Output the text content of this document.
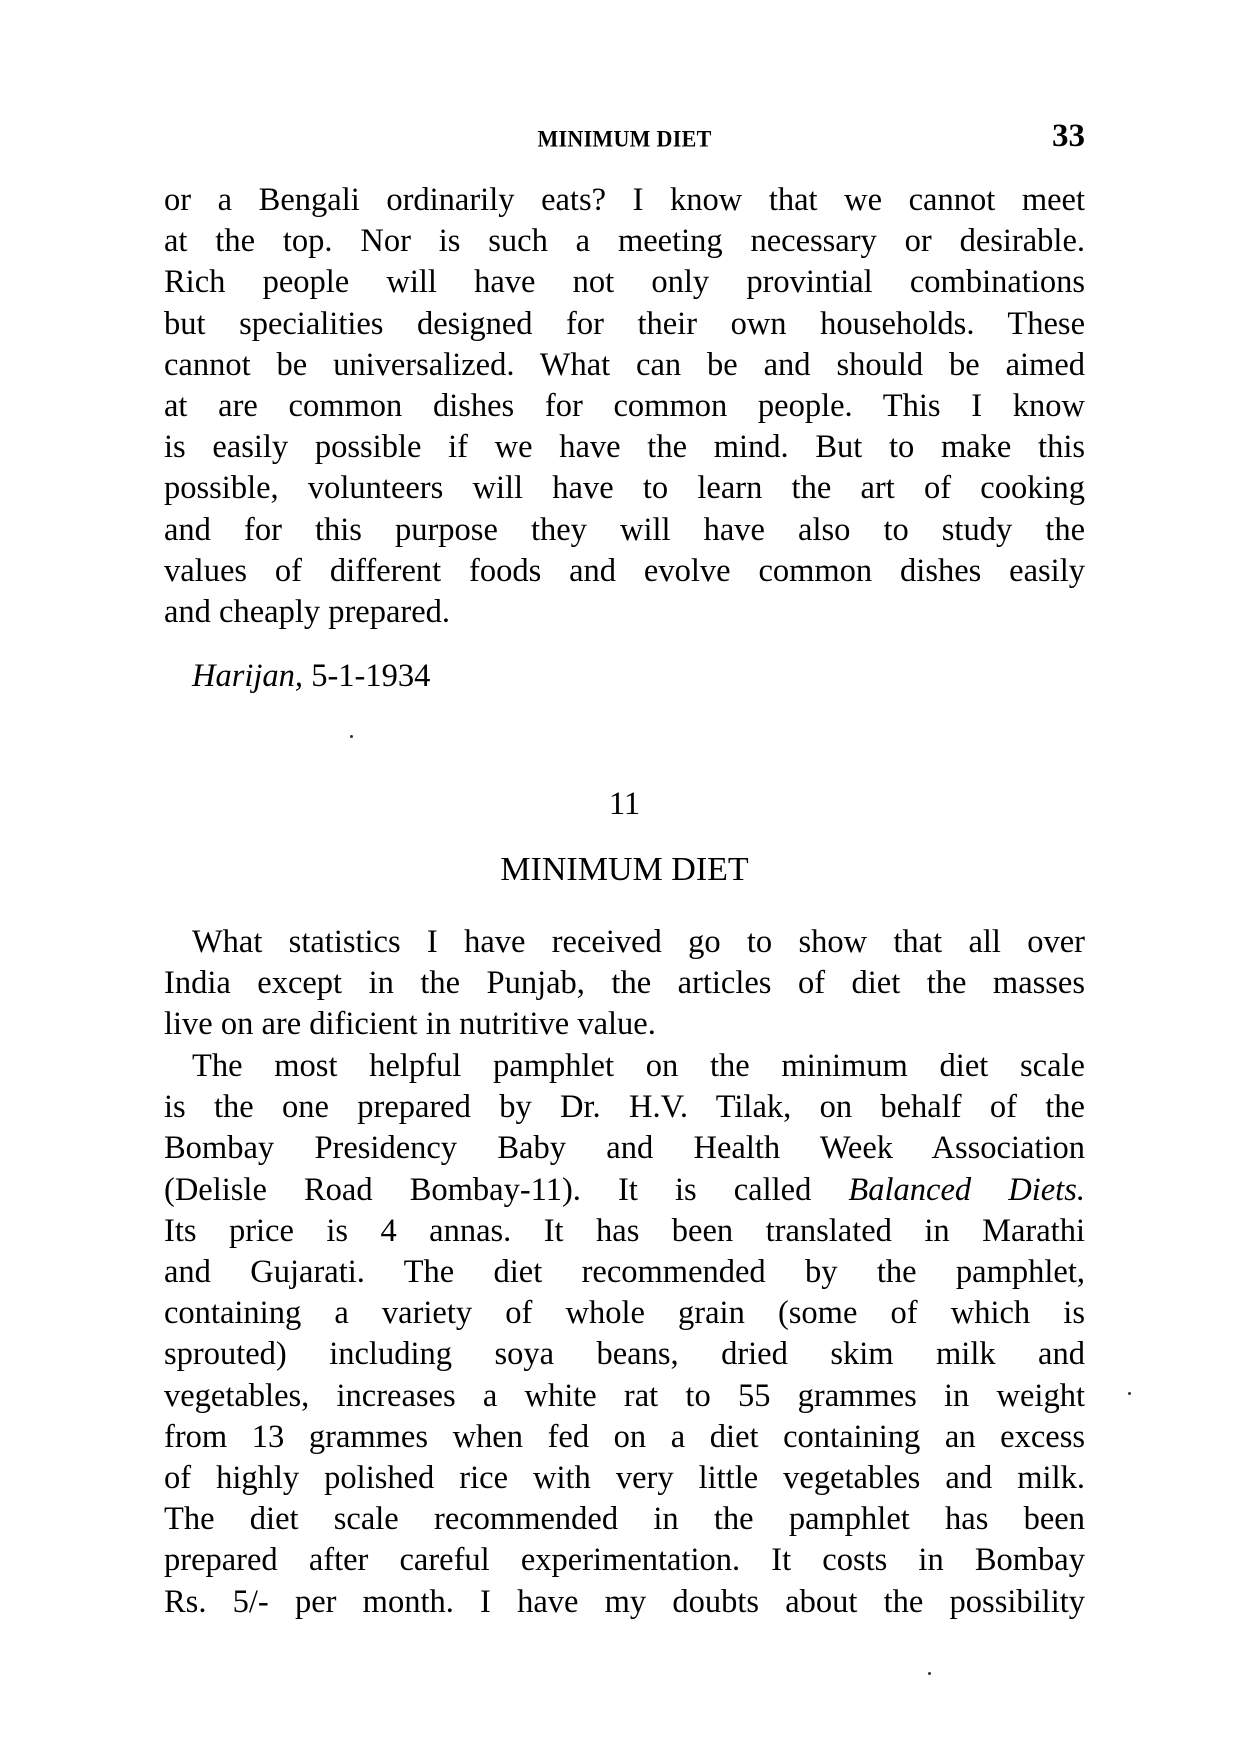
MINIMUM DIET	33
or a Bengali ordinarily eats? I know that we cannot meet
at the top. Nor is such a meeting necessary or desirable.
Rich people will have not only provintial combinations
but specialities designed for their own households. These
cannot be universalized. What can be and should be aimed
at are common dishes for common people. This I know
is easily possible if we have the mind. But to make this
possible, volunteers will have to learn the art of cooking
and for this purpose they will have also to study the
values of different foods and evolve common dishes easily
and cheaply prepared.
Harijan, 5-1-1934
11
MINIMUM DIET
What statistics I have received go to show that all over
India except in the Punjab, the articles of diet the masses
live on are dificient in nutritive value.
The most helpful pamphlet on the minimum diet scale
is the one prepared by Dr. H.V. Tilak, on behalf of the
Bombay Presidency Baby and Health Week Association
(Delisle Road Bombay-11). It is called Balanced Diets.
Its price is 4 annas. It has been translated in Marathi
and Gujarati. The diet recommended by the pamphlet,
containing a variety of whole grain (some of which is
sprouted) including soya beans, dried skim milk and
vegetables, increases a white rat to 55 grammes in weight
from 13 grammes when fed on a diet containing an excess
of highly polished rice with very little vegetables and milk.
The diet scale recommended in the pamphlet has been
prepared after careful experimentation. It costs in Bombay
Rs. 5/- per month. I have my doubts about the possibility
